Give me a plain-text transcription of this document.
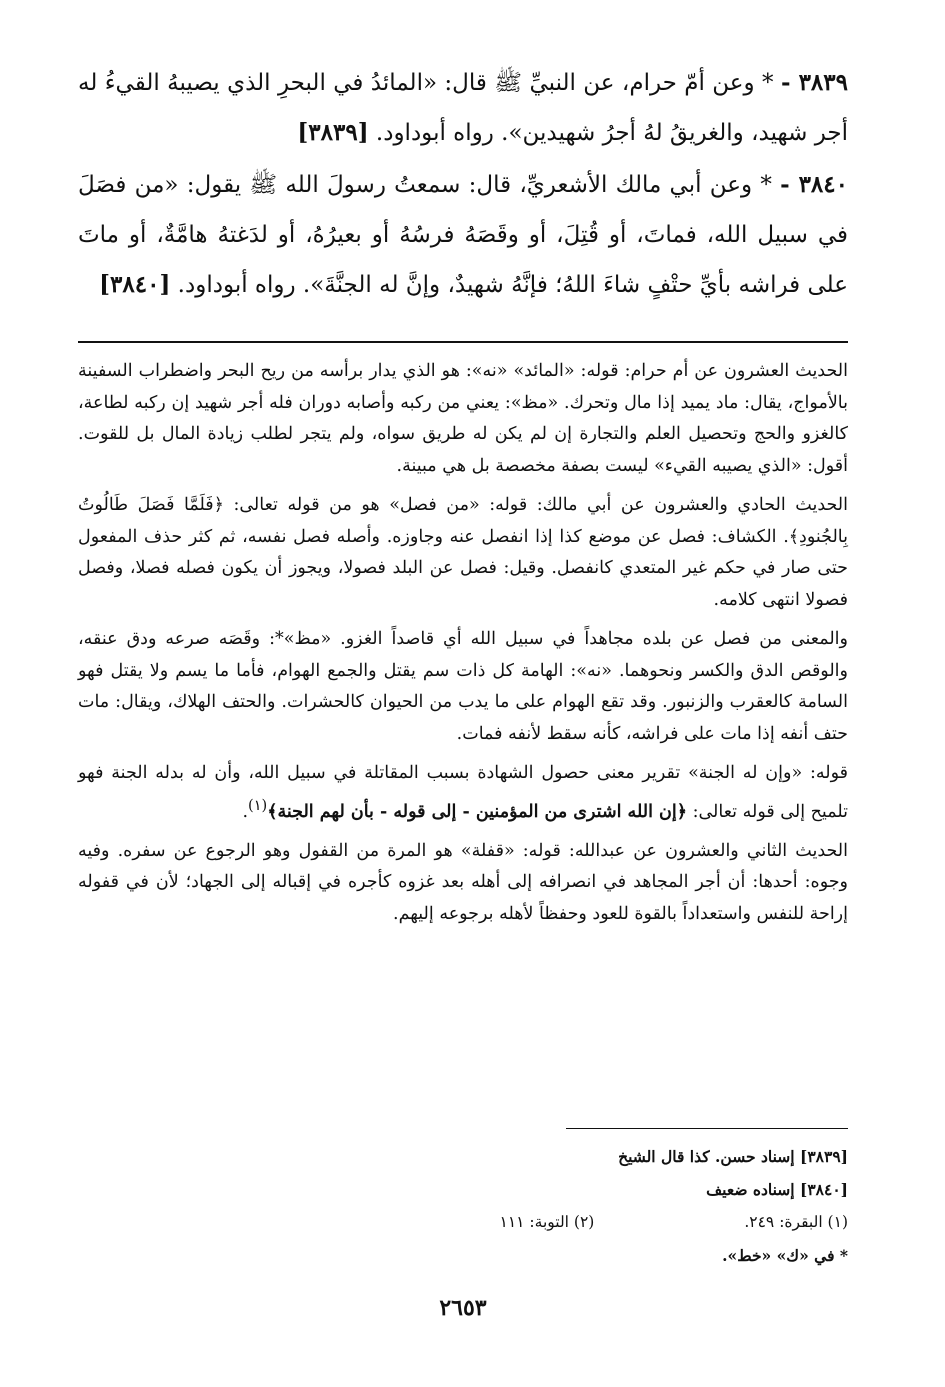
٣٨٣٩ - * وعن أمّ حرام، عن النبيِّ ﷺ قال: «المائدُ في البحرِ الذي يصيبهُ القيءُ له أجر شهيد، والغريقُ لهُ أجرُ شهيدين». رواه أبوداود. [٣٨٣٩]

٣٨٤٠ - * وعن أبي مالك الأشعريِّ، قال: سمعتُ رسولَ الله ﷺ يقول: «من فصَلَ في سبيل الله، فماتَ، أو قُتِلَ، أو وقَصَهُ فرسُهُ أو بعيرُهُ، أو لدَغتهُ هامَّةٌ، أو ماتَ على فراشه بأيِّ حتْفٍ شاءَ اللهُ؛ فإنَّهُ شهيدٌ، وإنَّ له الجنَّةَ». رواه أبوداود. [٣٨٤٠]

الحديث العشرون عن أم حرام: قوله: «المائد» «نه»: هو الذي يدار برأسه من ريح البحر واضطراب السفينة بالأمواج، يقال: ماد يميد إذا مال وتحرك. «مظ»: يعني من ركبه وأصابه دوران فله أجر شهيد إن ركبه لطاعة، كالغزو والحج وتحصيل العلم والتجارة إن لم يكن له طريق سواه، ولم يتجر لطلب زيادة المال بل للقوت. أقول: «الذي يصيبه القيء» ليست بصفة مخصصة بل هي مبينة.

الحديث الحادي والعشرون عن أبي مالك: قوله: «من فصل» هو من قوله تعالى: ﴿فَلَمَّا فَصَلَ طَالُوتُ بِالجُنودِ﴾. الكشاف: فصل عن موضع كذا إذا انفصل عنه وجاوزه. وأصله فصل نفسه، ثم كثر حذف المفعول حتى صار في حكم غير المتعدي كانفصل. وقيل: فصل عن البلد فصولا، ويجوز أن يكون فصله فصلا، وفصل فصولا انتهى كلامه.

والمعنى من فصل عن بلده مجاهداً في سبيل الله أي قاصداً الغزو. «مظ»*: وقَصَه صرعه ودق عنقه، والوقص الدق والكسر ونحوهما. «نه»: الهامة كل ذات سم يقتل والجمع الهوام، فأما ما يسم ولا يقتل فهو السامة كالعقرب والزنبور. وقد تقع الهوام على ما يدب من الحيوان كالحشرات. والحتف الهلاك، ويقال: مات حتف أنفه إذا مات على فراشه، كأنه سقط لأنفه فمات.

قوله: «وإن له الجنة» تقرير معنى حصول الشهادة بسبب المقاتلة في سبيل الله، وأن له بدله الجنة فهو تلميح إلى قوله تعالى: ﴿إن الله اشترى من المؤمنين - إلى قوله - بأن لهم الجنة﴾$^{(١)}$.

الحديث الثاني والعشرون عن عبدالله: قوله: «قفلة» هو المرة من القفول وهو الرجوع عن سفره. وفيه وجوه: أحدها: أن أجر المجاهد في انصرافه إلى أهله بعد غزوه كأجره في إقباله إلى الجهاد؛ لأن في قفوله إراحة للنفس واستعداداً بالقوة للعود وحفظاً لأهله برجوعه إليهم.

[٣٨٣٩] إسناد حسن. كذا قال الشيخ

[٣٨٤٠] إسناده ضعيف

(١) البقرة: ٢٤٩.
(٢) التوبة: ١١١

* في «ك» «خط».

٢٦٥٣
